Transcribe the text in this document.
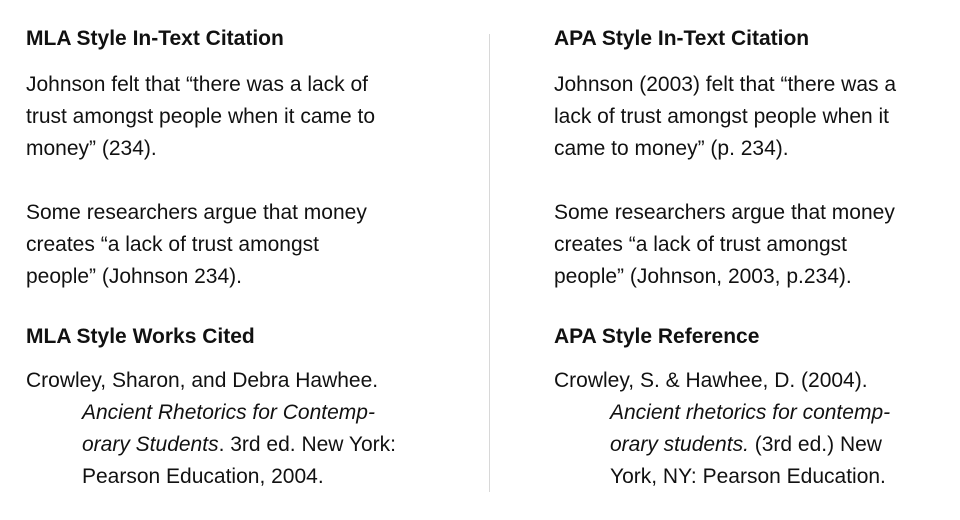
MLA Style In-Text Citation

Johnson felt that “there was a lack of
trust amongst people when it came to
money” (234).
Some researchers argue that money
creates “a lack of trust amongst
people” (Johnson 234).

MLA Style Works Cited

Crowley, Sharon, and Debra Hawhee.
Ancient Rhetorics for Contemp-
orary Students. 3rd ed. New York:
Pearson Education, 2004.

APA Style In-Text Citation

Johnson (2003) felt that “there was a
lack of trust amongst people when it
came to money” (p. 234).
Some researchers argue that money
creates “a lack of trust amongst
people” (Johnson, 2003, p.234).

APA Style Reference

Crowley, S. & Hawhee, D. (2004).
Ancient rhetorics for contemp-
orary students. (3rd ed.) New
York, NY: Pearson Education.
